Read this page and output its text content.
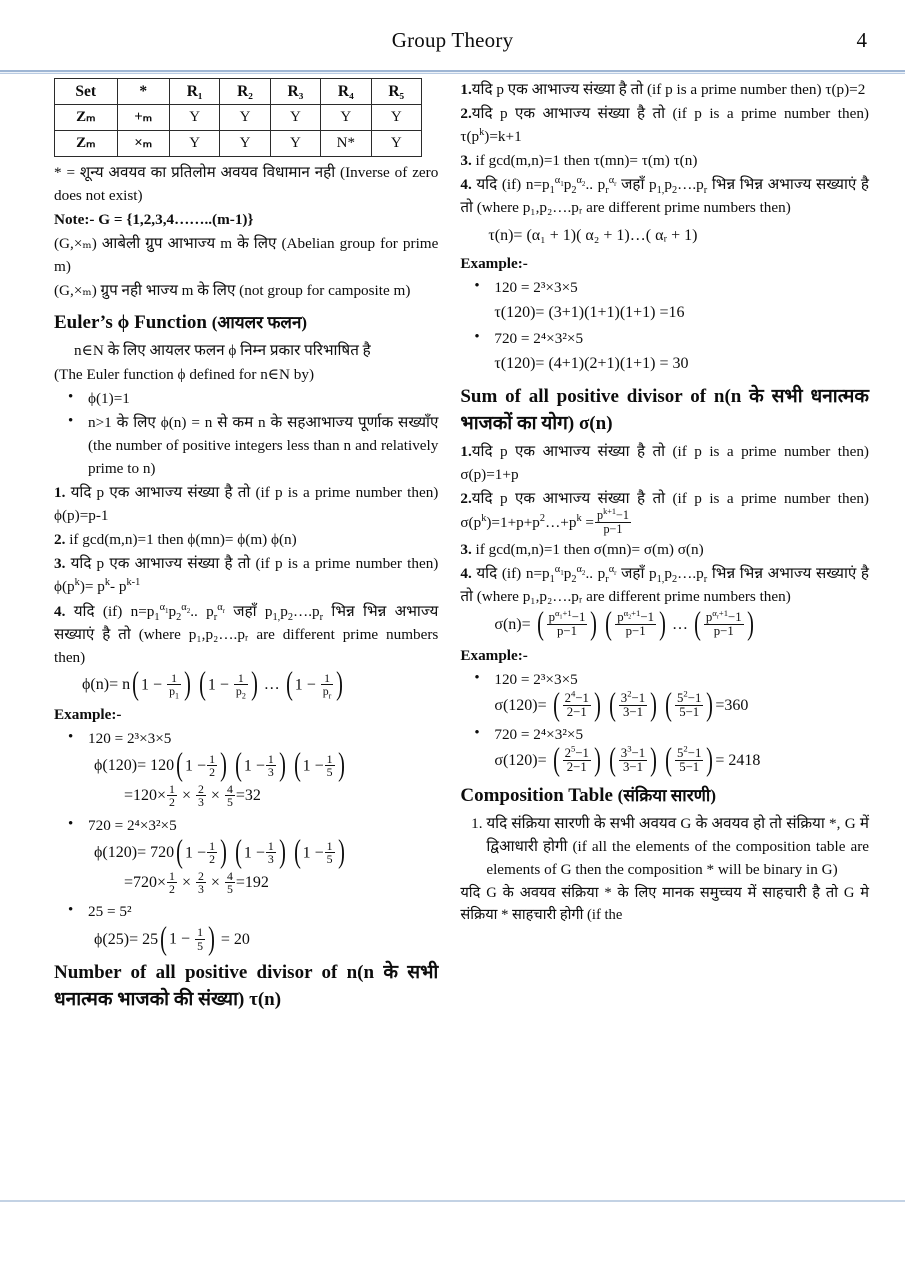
Group Theory	4
Set	*	R₁	R₂	R₃	R₄	R₅
Zₘ	+ₘ	Y	Y	Y	Y	Y
Zₘ	×ₘ	Y	Y	Y	N*	Y

* = शून्य अवयव का प्रतिलोम अवयव विधामान नही (Inverse of zero does not exist)

Note:- G = {1,2,3,4……..(m-1)}

(G,×ₘ) आबेली ग्रुप आभाज्य m के लिए (Abelian group for prime m)

(G,×ₘ) ग्रुप नही भाज्य m के लिए (not group for camposite m)

Euler’s ϕ Function (आयलर फलन)

n∈N के लिए आयलर फलन ϕ निम्न प्रकार परिभाषित है

(The Euler function ϕ defined for n∈N by)

• ϕ(1)=1
• n>1 के लिए ϕ(n) = n से कम n के सहआभाज्य पूर्णाक सख्याँए (the number of positive integers less than n and relatively prime to n)

1. यदि p एक आभाज्य संख्या है तो (if p is a prime number then) ϕ(p)=p-1

2. if gcd(m,n)=1 then ϕ(mn)= ϕ(m) ϕ(n)

3. यदि p एक आभाज्य संख्या है तो (if p is a prime number then) $\phi(p^k)= p^k-$ $p^{k-1}$

4. यदि (if) $n=p_1^{\alpha_1}p_2^{\alpha_2}$.. $p_r^{\alpha_r}$ जहाँ $p_{1,}p_2\dots.p_r$ भिन्न भिन्न अभाज्य सख्याएं है तो (where p₁,p₂….pᵣ are different prime numbers then)

ϕ(n)= n( $1 - \frac{1}{p_1}$ ) ( $1 - \frac{1}{p_2}$ ) … ( $1 - \frac{1}{p_r}$ )

Example:-

• 120 = 2³×3×5
ϕ(120)= 120( $1 - \frac{1}{2}$ ) ( $1 - \frac{1}{3}$ ) ( $1 - \frac{1}{5}$ )
$=120\times \frac{1}{2} \times \frac{2}{3} \times \frac{4}{5} =32$
• 720 = 2⁴×3²×5
ϕ(120)= 720( $1 - \frac{1}{2}$ ) ( $1 - \frac{1}{3}$ ) ( $1 - \frac{1}{5}$ )
$=720\times \frac{1}{2} \times \frac{2}{3} \times \frac{4}{5} =192$
• 25 = 5²
ϕ(25)= 25( $1 - \frac{1}{5}$ ) = 20
Number of all positive divisor of n(n के सभी धनात्मक भाजको की संख्या) τ(n)

1.यदि p एक आभाज्य संख्या है तो (if p is a prime number then) τ(p)=2

2.यदि p एक आभाज्य संख्या है तो (if p is a prime number then) $\tau(p^k)=k+1$

3. if gcd(m,n)=1 then τ(mn)= τ(m) τ(n)

4. यदि (if) $n=p_1^{\alpha_1}p_2^{\alpha_2}$.. $p_r^{\alpha_r}$ जहाँ $p_{1,}p_2\dots.p_r$ भिन्न भिन्न अभाज्य सख्याएं है तो (where p₁,p₂….pᵣ are different prime numbers then)

τ(n)= (α₁ + 1)( α₂ + 1)…( αᵣ + 1)

Example:-

• 120 = 2³×3×5
τ(120)= (3+1)(1+1)(1+1) =16
• 720 = 2⁴×3²×5
τ(120)= (4+1)(2+1)(1+1) = 30
Sum of all positive divisor of n(n के सभी धनात्मक भाजकों का योग) σ(n)

1.यदि p एक आभाज्य संख्या है तो (if p is a prime number then) σ(p)=1+p

2.यदि p एक आभाज्य संख्या है तो (if p is a prime number then) $\sigma(p^k)=1+p+p^2\dots+p^k = \frac{p^{k+1}-1}{p-1}$

3. if gcd(m,n)=1 then σ(mn)= σ(m) σ(n)

4. यदि (if) $n=p_1^{\alpha_1}p_2^{\alpha_2}$.. $p_r^{\alpha_r}$ जहाँ $p_{1,}p_2\dots.p_r$ भिन्न भिन्न अभाज्य सख्याएं है तो (where p₁,p₂….pᵣ are different prime numbers then)

σ(n)= ( $\frac{p^{\alpha_1+1}-1}{p-1}$ ) ( $\frac{p^{\alpha_2+1}-1}{p-1}$ ) … ( $\frac{p^{\alpha_r+1}-1}{p-1}$ )

Example:-

• 120 = 2³×3×5
σ(120)= ( $\frac{2^4-1}{2-1}$ ) ( $\frac{3^2-1}{3-1}$ ) ( $\frac{5^2-1}{5-1}$ ) =360
• 720 = 2⁴×3²×5
σ(120)= ( $\frac{2^5-1}{2-1}$ ) ( $\frac{3^3-1}{3-1}$ ) ( $\frac{5^2-1}{5-1}$ ) = 2418
Composition Table (संक्रिया सारणी)
1. यदि संक्रिया सारणी के सभी अवयव G के अवयव हो तो संक्रिया *, G में द्विआधारी होगी (if all the elements of the composition table are elements of G then the composition * will be binary in G)

यदि G के अवयव संक्रिया * के लिए मानक समुच्चय में साहचारी है तो G मे संक्रिया * साहचारी होगी (if the
